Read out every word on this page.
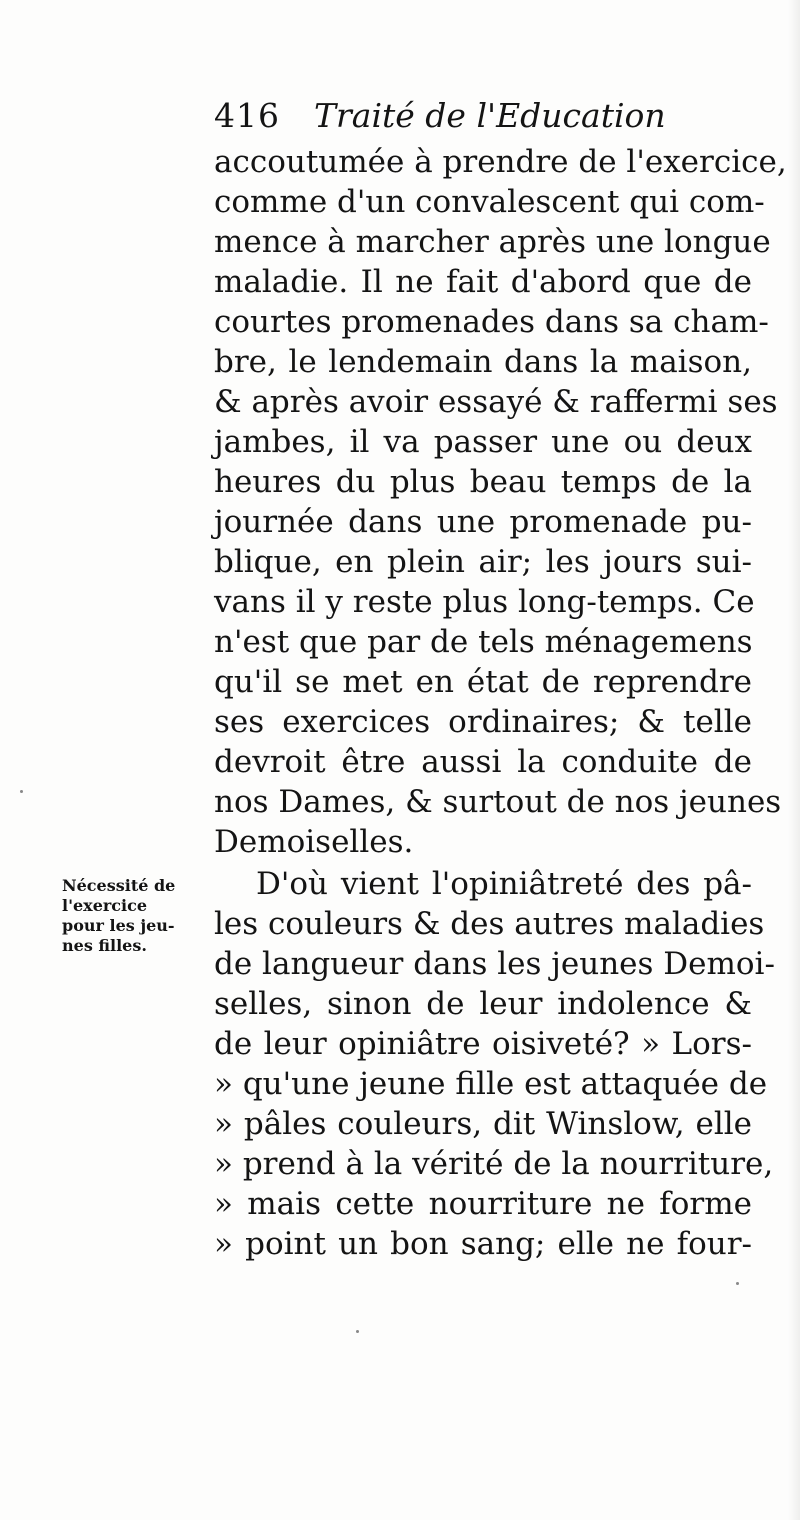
416 Traité de l'Education
Nécessité de
l'exercice
pour les jeu-
nes filles.
accoutumée à prendre de l'exercice,
comme d'un convalescent qui com-
mence à marcher après une longue
maladie. Il ne fait d'abord que de
courtes promenades dans sa cham-
bre, le lendemain dans la maison,
& après avoir essayé & raffermi ses
jambes, il va passer une ou deux
heures du plus beau temps de la
journée dans une promenade pu-
blique, en plein air; les jours sui-
vans il y reste plus long-temps. Ce
n'est que par de tels ménagemens
qu'il se met en état de reprendre
ses exercices ordinaires; & telle
devroit être aussi la conduite de
nos Dames, & surtout de nos jeunes
Demoiselles.
D'où vient l'opiniâtreté des pâ-
les couleurs & des autres maladies
de langueur dans les jeunes Demoi-
selles, sinon de leur indolence &
de leur opiniâtre oisiveté? » Lors-
» qu'une jeune fille est attaquée de
» pâles couleurs, dit Winslow, elle
» prend à la vérité de la nourriture,
» mais cette nourriture ne forme
» point un bon sang; elle ne four-
